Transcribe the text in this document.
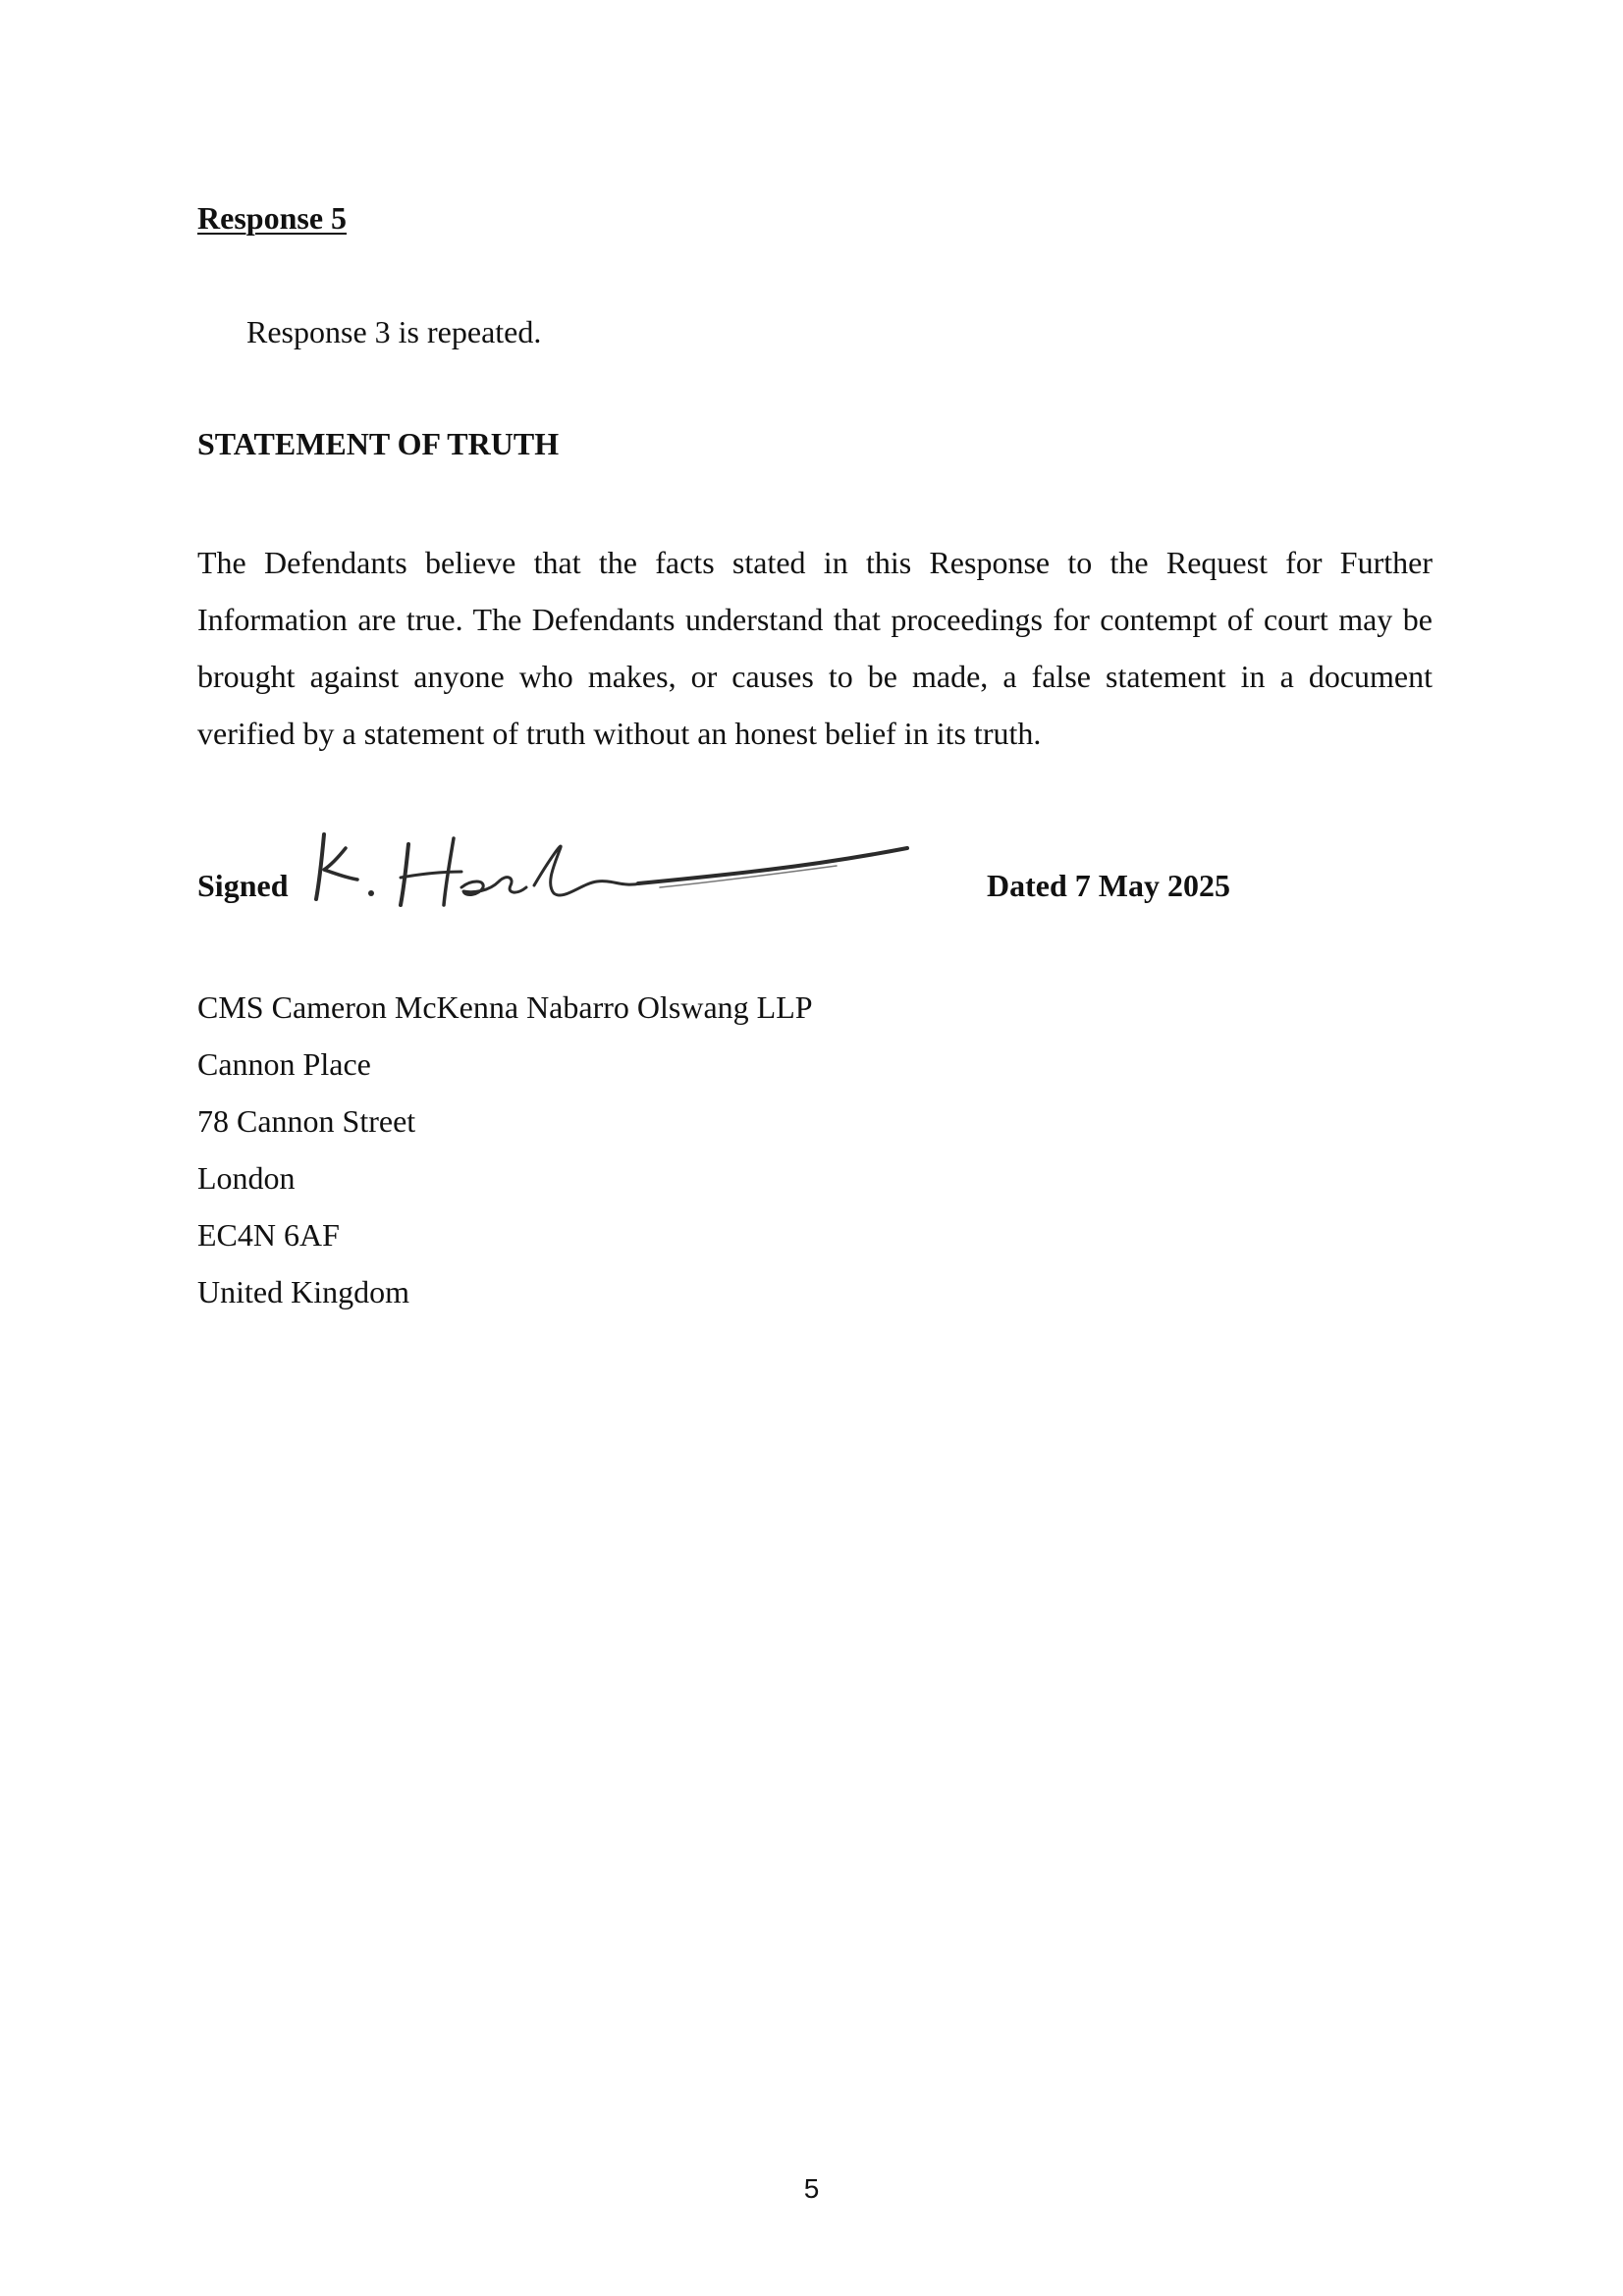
Response 5

Response 3 is repeated.

STATEMENT OF TRUTH

The Defendants believe that the facts stated in this Response to the Request for Further Information are true. The Defendants understand that proceedings for contempt of court may be brought against anyone who makes, or causes to be made, a false statement in a document verified by a statement of truth without an honest belief in its truth.

Signed	Dated 7 May 2025
CMS Cameron McKenna Nabarro Olswang LLP
Cannon Place
78 Cannon Street
London
EC4N 6AF
United Kingdom
5
